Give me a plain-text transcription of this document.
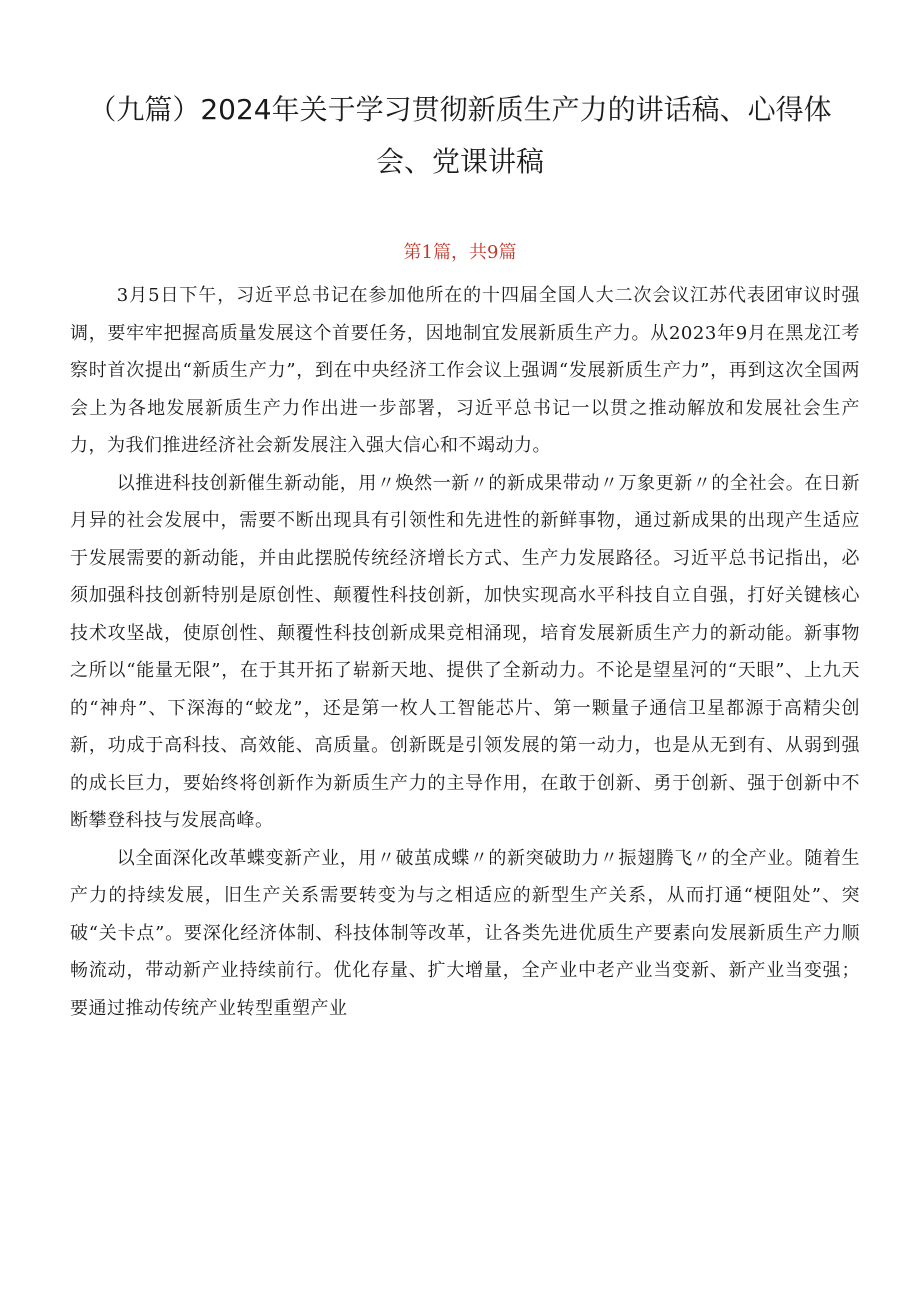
（九篇）2024年关于学习贯彻新质生产力的讲话稿、心得体会、党课讲稿
第1篇，共9篇

3月5日下午，习近平总书记在参加他所在的十四届全国人大二次会议江苏代表团审议时强调，要牢牢把握高质量发展这个首要任务，因地制宜发展新质生产力。从2023年9月在黑龙江考察时首次提出“新质生产力”，到在中央经济工作会议上强调“发展新质生产力”，再到这次全国两会上为各地发展新质生产力作出进一步部署，习近平总书记一以贯之推动解放和发展社会生产力，为我们推进经济社会新发展注入强大信心和不竭动力。

以推进科技创新催生新动能，用〃焕然一新〃的新成果带动〃万象更新〃的全社会。在日新月异的社会发展中，需要不断出现具有引领性和先进性的新鲜事物，通过新成果的出现产生适应于发展需要的新动能，并由此摆脱传统经济增长方式、生产力发展路径。习近平总书记指出，必须加强科技创新特别是原创性、颠覆性科技创新，加快实现高水平科技自立自强，打好关键核心技术攻坚战，使原创性、颠覆性科技创新成果竞相涌现，培育发展新质生产力的新动能。新事物之所以“能量无限”，在于其开拓了崭新天地、提供了全新动力。不论是望星河的“天眼”、上九天的“神舟”、下深海的“蛟龙”，还是第一枚人工智能芯片、第一颗量子通信卫星都源于高精尖创新，功成于高科技、高效能、高质量。创新既是引领发展的第一动力，也是从无到有、从弱到强的成长巨力，要始终将创新作为新质生产力的主导作用，在敢于创新、勇于创新、强于创新中不断攀登科技与发展高峰。

以全面深化改革蝶变新产业，用〃破茧成蝶〃的新突破助力〃振翅腾飞〃的全产业。随着生产力的持续发展，旧生产关系需要转变为与之相适应的新型生产关系，从而打通“梗阻处”、突破“关卡点”。要深化经济体制、科技体制等改革，让各类先进优质生产要素向发展新质生产力顺畅流动，带动新产业持续前行。优化存量、扩大增量，全产业中老产业当变新、新产业当变强；要通过推动传统产业转型重塑产业
